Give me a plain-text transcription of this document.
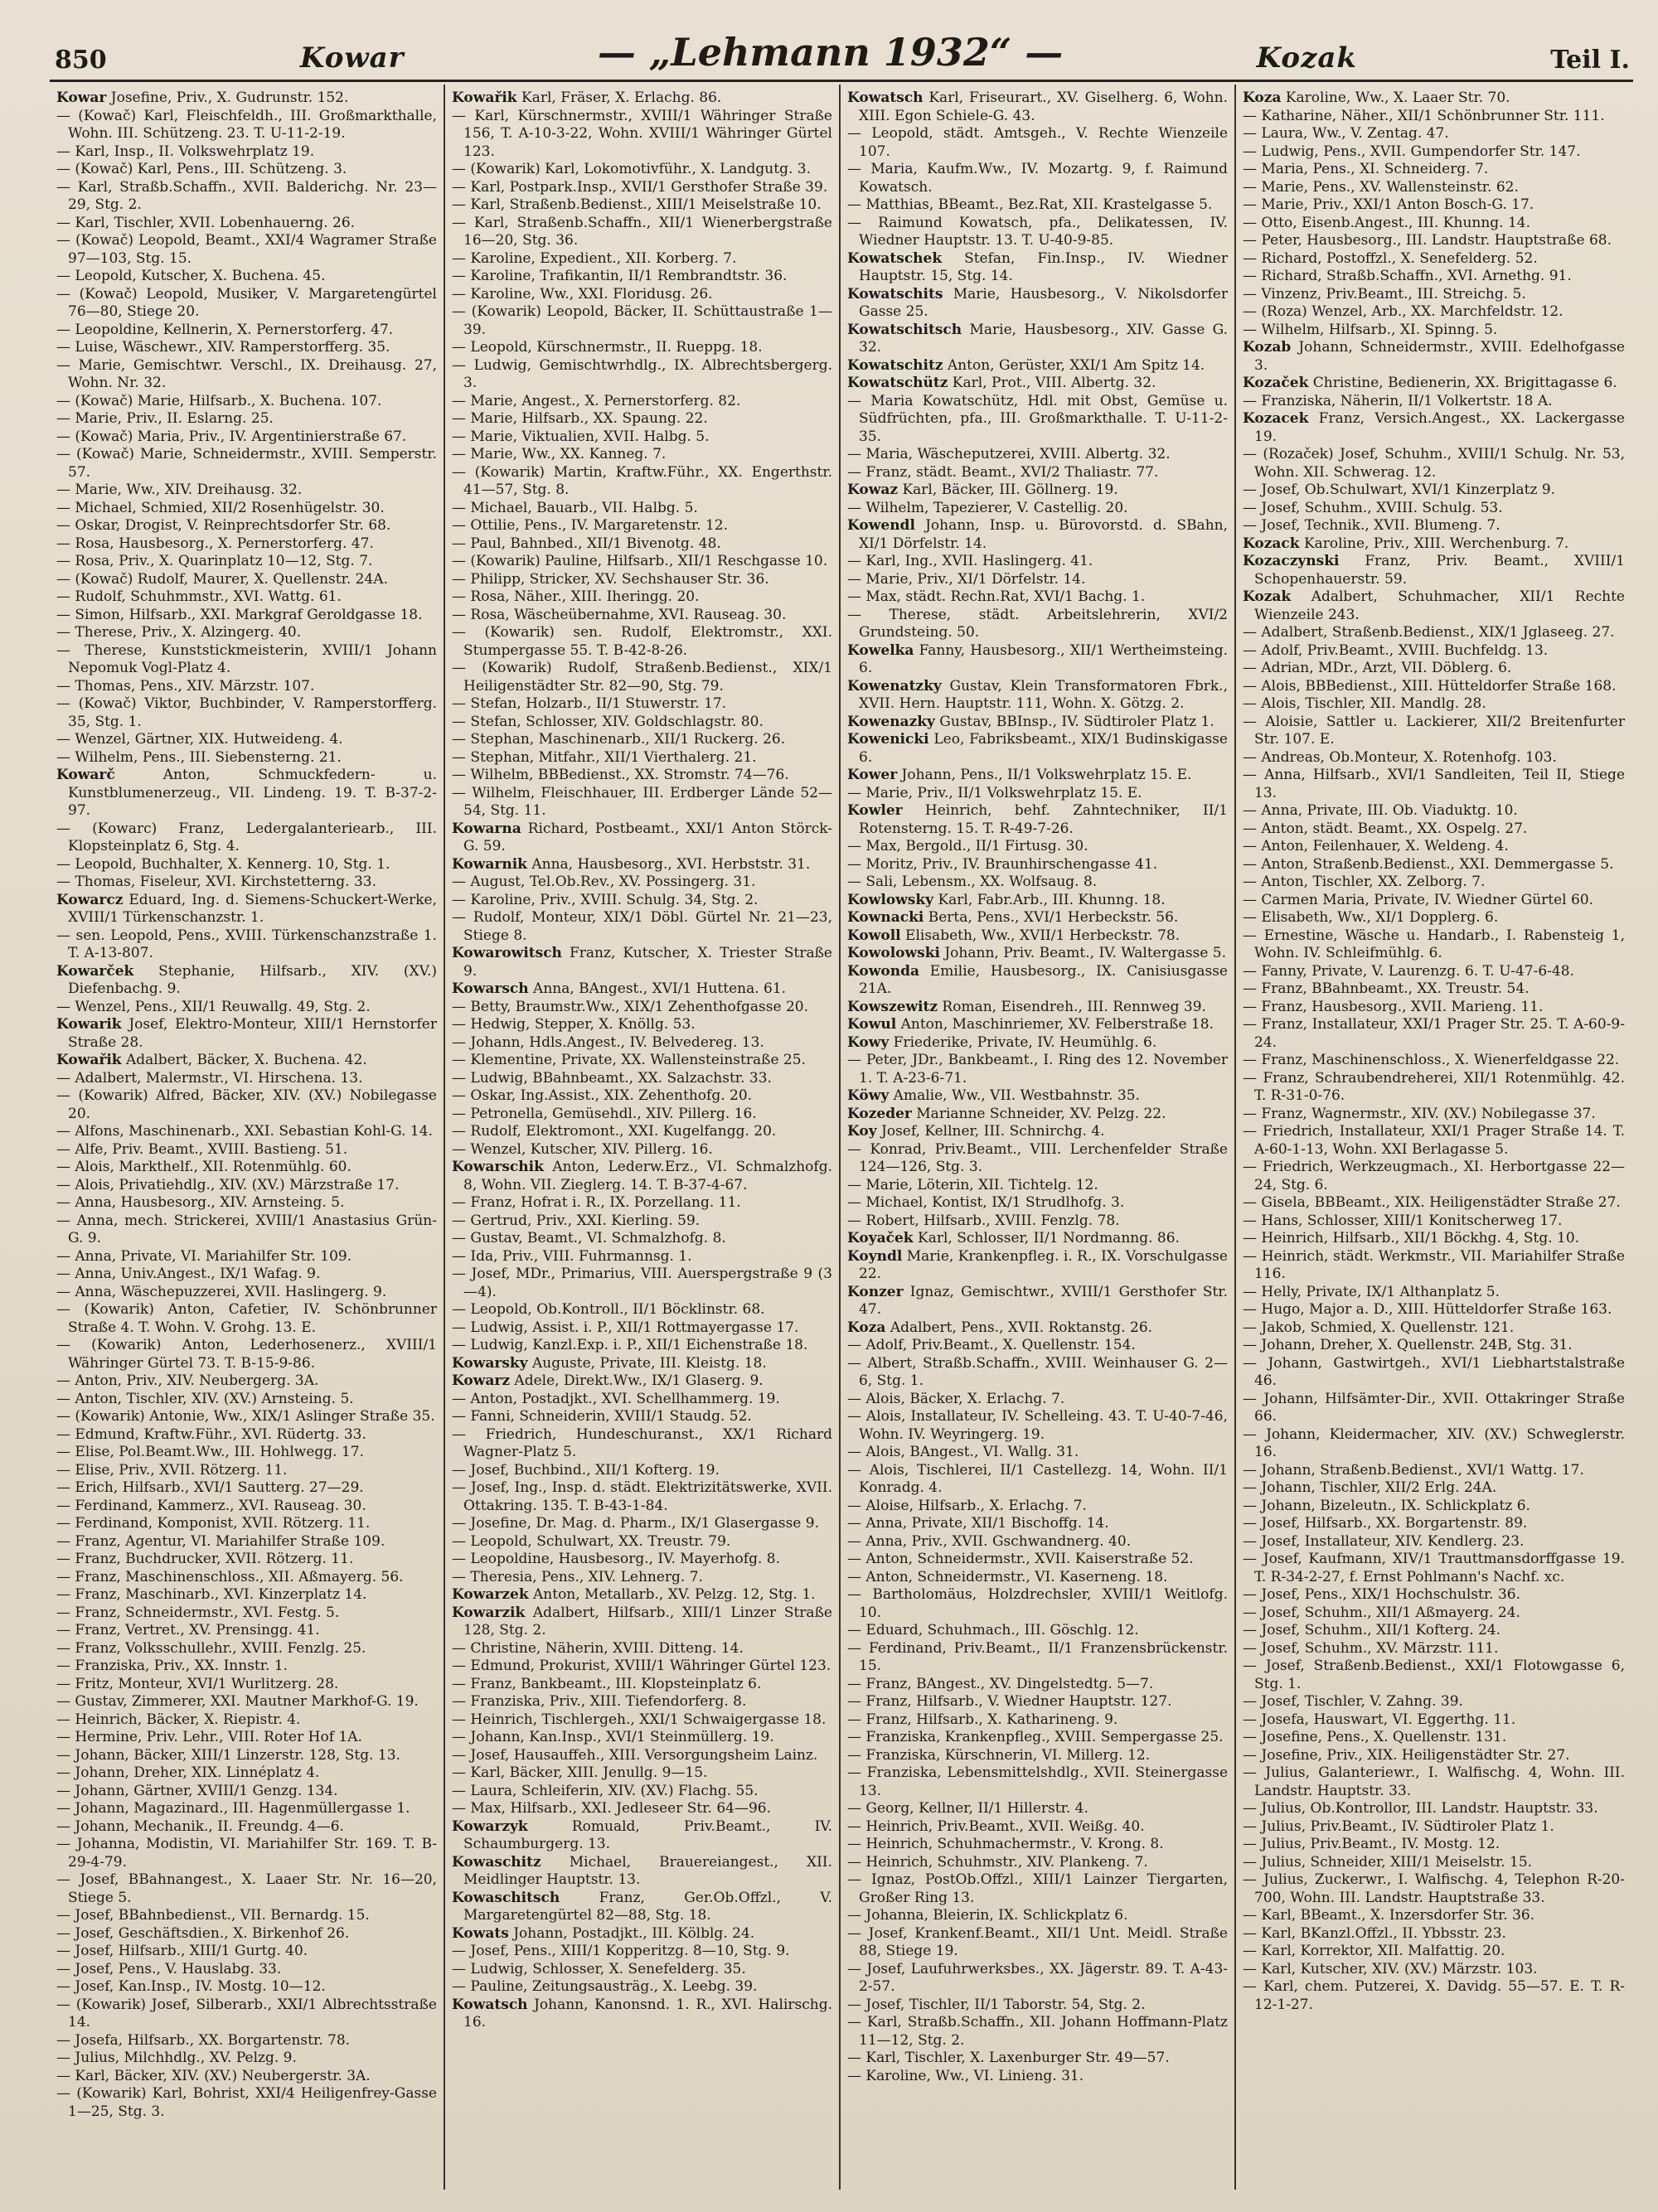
850	Kowar	— „Lehmann 1932“ —	Kozak	Teil I.

Kowar Josefine, Priv., X. Gudrunstr. 152.

— (Kowač) Karl, Fleischfeldh., III. Großmarkthalle, Wohn. III. Schützeng. 23. T. U-11-2-19.

— Karl, Insp., II. Volkswehrplatz 19.

— (Kowač) Karl, Pens., III. Schützeng. 3.

— Karl, Straßb.Schaffn., XVII. Balderichg. Nr. 23—29, Stg. 2.

— Karl, Tischler, XVII. Lobenhauerng. 26.

— (Kowač) Leopold, Beamt., XXI/4 Wagramer Straße 97—103, Stg. 15.

— Leopold, Kutscher, X. Buchena. 45.

— (Kowač) Leopold, Musiker, V. Margaretengürtel 76—80, Stiege 20.

— Leopoldine, Kellnerin, X. Pernerstorferg. 47.

— Luise, Wäschewr., XIV. Ramperstorfferg. 35.

— Marie, Gemischtwr. Verschl., IX. Dreihausg. 27, Wohn. Nr. 32.

— (Kowač) Marie, Hilfsarb., X. Buchena. 107.

— Marie, Priv., II. Eslarng. 25.

— (Kowač) Maria, Priv., IV. Argentinierstraße 67.

— (Kowač) Marie, Schneidermstr., XVIII. Semperstr. 57.

— Marie, Ww., XIV. Dreihausg. 32.

— Michael, Schmied, XII/2 Rosenhügelstr. 30.

— Oskar, Drogist, V. Reinprechtsdorfer Str. 68.

— Rosa, Hausbesorg., X. Pernerstorferg. 47.

— Rosa, Priv., X. Quarinplatz 10—12, Stg. 7.

— (Kowač) Rudolf, Maurer, X. Quellenstr. 24A.

— Rudolf, Schuhmmstr., XVI. Wattg. 61.

— Simon, Hilfsarb., XXI. Markgraf Geroldgasse 18.

— Therese, Priv., X. Alzingerg. 40.

— Therese, Kunststickmeisterin, XVIII/1 Johann Nepomuk Vogl-Platz 4.

— Thomas, Pens., XIV. Märzstr. 107.

— (Kowač) Viktor, Buchbinder, V. Ramperstorfferg. 35, Stg. 1.

— Wenzel, Gärtner, XIX. Hutweideng. 4.

— Wilhelm, Pens., III. Siebensterng. 21.

Kowarč Anton, Schmuckfedern- u. Kunstblumenerzeug., VII. Lindeng. 19. T. B-37-2-97.

— (Kowarc) Franz, Ledergalanteriearb., III. Klopsteinplatz 6, Stg. 4.

— Leopold, Buchhalter, X. Kennerg. 10, Stg. 1.

— Thomas, Fiseleur, XVI. Kirchstetterng. 33.

Kowarcz Eduard, Ing. d. Siemens-Schuckert-Werke, XVIII/1 Türkenschanzstr. 1.

— sen. Leopold, Pens., XVIII. Türkenschanzstraße 1. T. A-13-807.

Kowarček Stephanie, Hilfsarb., XIV. (XV.) Diefenbachg. 9.

— Wenzel, Pens., XII/1 Reuwallg. 49, Stg. 2.

Kowarik Josef, Elektro-Monteur, XIII/1 Hernstorfer Straße 28.

Kowařik Adalbert, Bäcker, X. Buchena. 42.

— Adalbert, Malermstr., VI. Hirschena. 13.

— (Kowarik) Alfred, Bäcker, XIV. (XV.) Nobilegasse 20.

— Alfons, Maschinenarb., XXI. Sebastian Kohl-G. 14.

— Alfe, Priv. Beamt., XVIII. Bastieng. 51.

— Alois, Markthelf., XII. Rotenmühlg. 60.

— Alois, Privatiehdlg., XIV. (XV.) Märzstraße 17.

— Anna, Hausbesorg., XIV. Arnsteing. 5.

— Anna, mech. Strickerei, XVIII/1 Anastasius Grün-G. 9.

— Anna, Private, VI. Mariahilfer Str. 109.

— Anna, Univ.Angest., IX/1 Wafag. 9.

— Anna, Wäschepuzzerei, XVII. Haslingerg. 9.

— (Kowarik) Anton, Cafetier, IV. Schönbrunner Straße 4. T. Wohn. V. Grohg. 13. E.

— (Kowarik) Anton, Lederhosenerz., XVIII/1 Währinger Gürtel 73. T. B-15-9-86.

— Anton, Priv., XIV. Neubergerg. 3A.

— Anton, Tischler, XIV. (XV.) Arnsteing. 5.

— (Kowarik) Antonie, Ww., XIX/1 Aslinger Straße 35.

— Edmund, Kraftw.Führ., XVI. Rüdertg. 33.

— Elise, Pol.Beamt.Ww., III. Hohlwegg. 17.

— Elise, Priv., XVII. Rötzerg. 11.

— Erich, Hilfsarb., XVI/1 Sautterg. 27—29.

— Ferdinand, Kammerz., XVI. Rauseag. 30.

— Ferdinand, Komponist, XVII. Rötzerg. 11.

— Franz, Agentur, VI. Mariahilfer Straße 109.

— Franz, Buchdrucker, XVII. Rötzerg. 11.

— Franz, Maschinenschloss., XII. Aßmayerg. 56.

— Franz, Maschinarb., XVI. Kinzerplatz 14.

— Franz, Schneidermstr., XVI. Festg. 5.

— Franz, Vertret., XV. Prensingg. 41.

— Franz, Volksschullehr., XVIII. Fenzlg. 25.

— Franziska, Priv., XX. Innstr. 1.

— Fritz, Monteur, XVI/1 Wurlitzerg. 28.

— Gustav, Zimmerer, XXI. Mautner Markhof-G. 19.

— Heinrich, Bäcker, X. Riepistr. 4.

— Hermine, Priv. Lehr., VIII. Roter Hof 1A.

— Johann, Bäcker, XIII/1 Linzerstr. 128, Stg. 13.

— Johann, Dreher, XIX. Linnéplatz 4.

— Johann, Gärtner, XVIII/1 Genzg. 134.

— Johann, Magazinard., III. Hagenmüllergasse 1.

— Johann, Mechanik., II. Freundg. 4—6.

— Johanna, Modistin, VI. Mariahilfer Str. 169. T. B-29-4-79.

— Josef, BBahnangest., X. Laaer Str. Nr. 16—20, Stiege 5.

— Josef, BBahnbedienst., VII. Bernardg. 15.

— Josef, Geschäftsdien., X. Birkenhof 26.

— Josef, Hilfsarb., XIII/1 Gurtg. 40.

— Josef, Pens., V. Hauslabg. 33.

— Josef, Kan.Insp., IV. Mostg. 10—12.

— (Kowarik) Josef, Silberarb., XXI/1 Albrechtsstraße 14.

— Josefa, Hilfsarb., XX. Borgartenstr. 78.

— Julius, Milchhdlg., XV. Pelzg. 9.

— Karl, Bäcker, XIV. (XV.) Neubergerstr. 3A.

— (Kowarik) Karl, Bohrist, XXI/4 Heiligenfrey-Gasse 1—25, Stg. 3.

Kowařik Karl, Fräser, X. Erlachg. 86.

— Karl, Kürschnermstr., XVIII/1 Währinger Straße 156, T. A-10-3-22, Wohn. XVIII/1 Währinger Gürtel 123.

— (Kowarik) Karl, Lokomotivführ., X. Landgutg. 3.

— Karl, Postpark.Insp., XVII/1 Gersthofer Straße 39.

— Karl, Straßenb.Bedienst., XIII/1 Meiselstraße 10.

— Karl, Straßenb.Schaffn., XII/1 Wienerbergstraße 16—20, Stg. 36.

— Karoline, Expedient., XII. Korberg. 7.

— Karoline, Trafikantin, II/1 Rembrandtstr. 36.

— Karoline, Ww., XXI. Floridusg. 26.

— (Kowarik) Leopold, Bäcker, II. Schüttaustraße 1—39.

— Leopold, Kürschnermstr., II. Rueppg. 18.

— Ludwig, Gemischtwrhdlg., IX. Albrechtsbergerg. 3.

— Marie, Angest., X. Pernerstorferg. 82.

— Marie, Hilfsarb., XX. Spaung. 22.

— Marie, Viktualien, XVII. Halbg. 5.

— Marie, Ww., XX. Kanneg. 7.

— (Kowarik) Martin, Kraftw.Führ., XX. Engerthstr. 41—57, Stg. 8.

— Michael, Bauarb., VII. Halbg. 5.

— Ottilie, Pens., IV. Margaretenstr. 12.

— Paul, Bahnbed., XII/1 Bivenotg. 48.

— (Kowarik) Pauline, Hilfsarb., XII/1 Reschgasse 10.

— Philipp, Stricker, XV. Sechshauser Str. 36.

— Rosa, Näher., XIII. Iheringg. 20.

— Rosa, Wäscheübernahme, XVI. Rauseag. 30.

— (Kowarik) sen. Rudolf, Elektromstr., XXI. Stumpergasse 55. T. B-42-8-26.

— (Kowarik) Rudolf, Straßenb.Bedienst., XIX/1 Heiligenstädter Str. 82—90, Stg. 79.

— Stefan, Holzarb., II/1 Stuwerstr. 17.

— Stefan, Schlosser, XIV. Goldschlagstr. 80.

— Stephan, Maschinenarb., XII/1 Ruckerg. 26.

— Stephan, Mitfahr., XII/1 Vierthalerg. 21.

— Wilhelm, BBBedienst., XX. Stromstr. 74—76.

— Wilhelm, Fleischhauer, III. Erdberger Lände 52—54, Stg. 11.

Kowarna Richard, Postbeamt., XXI/1 Anton Störck-G. 59.

Kowarnik Anna, Hausbesorg., XVI. Herbststr. 31.

— August, Tel.Ob.Rev., XV. Possingerg. 31.

— Karoline, Priv., XVIII. Schulg. 34, Stg. 2.

— Rudolf, Monteur, XIX/1 Döbl. Gürtel Nr. 21—23, Stiege 8.

Kowarowitsch Franz, Kutscher, X. Triester Straße 9.

Kowarsch Anna, BAngest., XVI/1 Huttena. 61.

— Betty, Braumstr.Ww., XIX/1 Zehenthofgasse 20.

— Hedwig, Stepper, X. Knöllg. 53.

— Johann, Hdls.Angest., IV. Belvedereg. 13.

— Klementine, Private, XX. Wallensteinstraße 25.

— Ludwig, BBahnbeamt., XX. Salzachstr. 33.

— Oskar, Ing.Assist., XIX. Zehenthofg. 20.

— Petronella, Gemüsehdl., XIV. Pillerg. 16.

— Rudolf, Elektromont., XXI. Kugelfangg. 20.

— Wenzel, Kutscher, XIV. Pillerg. 16.

Kowarschik Anton, Lederw.Erz., VI. Schmalzhofg. 8, Wohn. VII. Zieglerg. 14. T. B-37-4-67.

— Franz, Hofrat i. R., IX. Porzellang. 11.

— Gertrud, Priv., XXI. Kierling. 59.

— Gustav, Beamt., VI. Schmalzhofg. 8.

— Ida, Priv., VIII. Fuhrmannsg. 1.

— Josef, MDr., Primarius, VIII. Auerspergstraße 9 (3—4).

— Leopold, Ob.Kontroll., II/1 Böcklinstr. 68.

— Ludwig, Assist. i. P., XII/1 Rottmayergasse 17.

— Ludwig, Kanzl.Exp. i. P., XII/1 Eichenstraße 18.

Kowarsky Auguste, Private, III. Kleistg. 18.

Kowarz Adele, Direkt.Ww., IX/1 Glaserg. 9.

— Anton, Postadjkt., XVI. Schellhammerg. 19.

— Fanni, Schneiderin, XVIII/1 Staudg. 52.

— Friedrich, Hundeschuranst., XX/1 Richard Wagner-Platz 5.

— Josef, Buchbind., XII/1 Kofterg. 19.

— Josef, Ing., Insp. d. städt. Elektrizitätswerke, XVII. Ottakring. 135. T. B-43-1-84.

— Josefine, Dr. Mag. d. Pharm., IX/1 Glasergasse 9.

— Leopold, Schulwart, XX. Treustr. 79.

— Leopoldine, Hausbesorg., IV. Mayerhofg. 8.

— Theresia, Pens., XIV. Lehnerg. 7.

Kowarzek Anton, Metallarb., XV. Pelzg. 12, Stg. 1.

Kowarzik Adalbert, Hilfsarb., XIII/1 Linzer Straße 128, Stg. 2.

— Christine, Näherin, XVIII. Ditteng. 14.

— Edmund, Prokurist, XVIII/1 Währinger Gürtel 123.

— Franz, Bankbeamt., III. Klopsteinplatz 6.

— Franziska, Priv., XIII. Tiefendorferg. 8.

— Heinrich, Tischlergeh., XXI/1 Schwaigergasse 18.

— Johann, Kan.Insp., XVI/1 Steinmüllerg. 19.

— Josef, Hausauffeh., XIII. Versorgungsheim Lainz.

— Karl, Bäcker, XIII. Jenullg. 9—15.

— Laura, Schleiferin, XIV. (XV.) Flachg. 55.

— Max, Hilfsarb., XXI. Jedleseer Str. 64—96.

Kowarzyk Romuald, Priv.Beamt., IV. Schaumburgerg. 13.

Kowaschitz Michael, Brauereiangest., XII. Meidlinger Hauptstr. 13.

Kowaschitsch Franz, Ger.Ob.Offzl., V. Margaretengürtel 82—88, Stg. 18.

Kowats Johann, Postadjkt., III. Kölblg. 24.

— Josef, Pens., XIII/1 Kopperitzg. 8—10, Stg. 9.

— Ludwig, Schlosser, X. Senefelderg. 35.

— Pauline, Zeitungsausträg., X. Leebg. 39.

Kowatsch Johann, Kanonsnd. 1. R., XVI. Halirschg. 16.

Kowatsch Karl, Friseurart., XV. Giselherg. 6, Wohn. XIII. Egon Schiele-G. 43.

— Leopold, städt. Amtsgeh., V. Rechte Wienzeile 107.

— Maria, Kaufm.Ww., IV. Mozartg. 9, f. Raimund Kowatsch.

— Matthias, BBeamt., Bez.Rat, XII. Krastelgasse 5.

— Raimund Kowatsch, pfa., Delikatessen, IV. Wiedner Hauptstr. 13. T. U-40-9-85.

Kowatschek Stefan, Fin.Insp., IV. Wiedner Hauptstr. 15, Stg. 14.

Kowatschits Marie, Hausbesorg., V. Nikolsdorfer Gasse 25.

Kowatschitsch Marie, Hausbesorg., XIV. Gasse G. 32.

Kowatschitz Anton, Gerüster, XXI/1 Am Spitz 14.

Kowatschütz Karl, Prot., VIII. Albertg. 32.

— Maria Kowatschütz, Hdl. mit Obst, Gemüse u. Südfrüchten, pfa., III. Großmarkthalle. T. U-11-2-35.

— Maria, Wäscheputzerei, XVIII. Albertg. 32.

— Franz, städt. Beamt., XVI/2 Thaliastr. 77.

Kowaz Karl, Bäcker, III. Göllnerg. 19.

— Wilhelm, Tapezierer, V. Castellig. 20.

Kowendl Johann, Insp. u. Bürovorstd. d. SBahn, XI/1 Dörfelstr. 14.

— Karl, Ing., XVII. Haslingerg. 41.

— Marie, Priv., XI/1 Dörfelstr. 14.

— Max, städt. Rechn.Rat, XVI/1 Bachg. 1.

— Therese, städt. Arbeitslehrerin, XVI/2 Grundsteing. 50.

Kowelka Fanny, Hausbesorg., XII/1 Wertheimsteing. 6.

Kowenatzky Gustav, Klein Transformatoren Fbrk., XVII. Hern. Hauptstr. 111, Wohn. X. Götzg. 2.

Kowenazky Gustav, BBInsp., IV. Südtiroler Platz 1.

Kowenicki Leo, Fabriksbeamt., XIX/1 Budinskigasse 6.

Kower Johann, Pens., II/1 Volkswehrplatz 15. E.

— Marie, Priv., II/1 Volkswehrplatz 15. E.

Kowler Heinrich, behf. Zahntechniker, II/1 Rotensterng. 15. T. R-49-7-26.

— Max, Bergold., II/1 Firtusg. 30.

— Moritz, Priv., IV. Braunhirschengasse 41.

— Sali, Lebensm., XX. Wolfsaug. 8.

Kowlowsky Karl, Fabr.Arb., III. Khunng. 18.

Kownacki Berta, Pens., XVI/1 Herbeckstr. 56.

Kowoll Elisabeth, Ww., XVII/1 Herbeckstr. 78.

Kowolowski Johann, Priv. Beamt., IV. Waltergasse 5.

Kowonda Emilie, Hausbesorg., IX. Canisiusgasse 21A.

Kowszewitz Roman, Eisendreh., III. Rennweg 39.

Kowul Anton, Maschinriemer, XV. Felberstraße 18.

Kowy Friederike, Private, IV. Heumühlg. 6.

— Peter, JDr., Bankbeamt., I. Ring des 12. November 1. T. A-23-6-71.

Köwy Amalie, Ww., VII. Westbahnstr. 35.

Kozeder Marianne Schneider, XV. Pelzg. 22.

Koy Josef, Kellner, III. Schnirchg. 4.

— Konrad, Priv.Beamt., VIII. Lerchenfelder Straße 124—126, Stg. 3.

— Marie, Löterin, XII. Tichtelg. 12.

— Michael, Kontist, IX/1 Strudlhofg. 3.

— Robert, Hilfsarb., XVIII. Fenzlg. 78.

Koyaček Karl, Schlosser, II/1 Nordmanng. 86.

Koyndl Marie, Krankenpfleg. i. R., IX. Vorschulgasse 22.

Konzer Ignaz, Gemischtwr., XVIII/1 Gersthofer Str. 47.

Koza Adalbert, Pens., XVII. Roktanstg. 26.

— Adolf, Priv.Beamt., X. Quellenstr. 154.

— Albert, Straßb.Schaffn., XVIII. Weinhauser G. 2—6, Stg. 1.

— Alois, Bäcker, X. Erlachg. 7.

— Alois, Installateur, IV. Schelleing. 43. T. U-40-7-46, Wohn. IV. Weyringerg. 19.

— Alois, BAngest., VI. Wallg. 31.

— Alois, Tischlerei, II/1 Castellezg. 14, Wohn. II/1 Konradg. 4.

— Aloise, Hilfsarb., X. Erlachg. 7.

— Anna, Private, XII/1 Bischoffg. 14.

— Anna, Priv., XVII. Gschwandnerg. 40.

— Anton, Schneidermstr., XVII. Kaiserstraße 52.

— Anton, Schneidermstr., VI. Kaserneng. 18.

— Bartholomäus, Holzdrechsler, XVIII/1 Weitlofg. 10.

— Eduard, Schuhmach., III. Göschlg. 12.

— Ferdinand, Priv.Beamt., II/1 Franzensbrückenstr. 15.

— Franz, BAngest., XV. Dingelstedtg. 5—7.

— Franz, Hilfsarb., V. Wiedner Hauptstr. 127.

— Franz, Hilfsarb., X. Katharineng. 9.

— Franziska, Krankenpfleg., XVIII. Sempergasse 25.

— Franziska, Kürschnerin, VI. Millerg. 12.

— Franziska, Lebensmittelshdlg., XVII. Steinergasse 13.

— Georg, Kellner, II/1 Hillerstr. 4.

— Heinrich, Priv.Beamt., XVII. Weißg. 40.

— Heinrich, Schuhmachermstr., V. Krong. 8.

— Heinrich, Schuhmstr., XIV. Plankeng. 7.

— Ignaz, PostOb.Offzl., XIII/1 Lainzer Tiergarten, Großer Ring 13.

— Johanna, Bleierin, IX. Schlickplatz 6.

— Josef, Krankenf.Beamt., XII/1 Unt. Meidl. Straße 88, Stiege 19.

— Josef, Laufuhrwerksbes., XX. Jägerstr. 89. T. A-43-2-57.

— Josef, Tischler, II/1 Taborstr. 54, Stg. 2.

— Karl, Straßb.Schaffn., XII. Johann Hoffmann-Platz 11—12, Stg. 2.

— Karl, Tischler, X. Laxenburger Str. 49—57.

— Karoline, Ww., VI. Linieng. 31.

Koza Karoline, Ww., X. Laaer Str. 70.

— Katharine, Näher., XII/1 Schönbrunner Str. 111.

— Laura, Ww., V. Zentag. 47.

— Ludwig, Pens., XVII. Gumpendorfer Str. 147.

— Maria, Pens., XI. Schneiderg. 7.

— Marie, Pens., XV. Wallensteinstr. 62.

— Marie, Priv., XXI/1 Anton Bosch-G. 17.

— Otto, Eisenb.Angest., III. Khunng. 14.

— Peter, Hausbesorg., III. Landstr. Hauptstraße 68.

— Richard, Postoffzl., X. Senefelderg. 52.

— Richard, Straßb.Schaffn., XVI. Arnethg. 91.

— Vinzenz, Priv.Beamt., III. Streichg. 5.

— (Roza) Wenzel, Arb., XX. Marchfeldstr. 12.

— Wilhelm, Hilfsarb., XI. Spinng. 5.

Kozab Johann, Schneidermstr., XVIII. Edelhofgasse 3.

Kozaček Christine, Bedienerin, XX. Brigittagasse 6.

— Franziska, Näherin, II/1 Volkertstr. 18 A.

Kozacek Franz, Versich.Angest., XX. Lackergasse 19.

— (Rozaček) Josef, Schuhm., XVIII/1 Schulg. Nr. 53, Wohn. XII. Schwerag. 12.

— Josef, Ob.Schulwart, XVI/1 Kinzerplatz 9.

— Josef, Schuhm., XVIII. Schulg. 53.

— Josef, Technik., XVII. Blumeng. 7.

Kozack Karoline, Priv., XIII. Werchenburg. 7.

Kozaczynski Franz, Priv. Beamt., XVIII/1 Schopenhauerstr. 59.

Kozak Adalbert, Schuhmacher, XII/1 Rechte Wienzeile 243.

— Adalbert, Straßenb.Bedienst., XIX/1 Jglaseeg. 27.

— Adolf, Priv.Beamt., XVIII. Buchfeldg. 13.

— Adrian, MDr., Arzt, VII. Döblerg. 6.

— Alois, BBBedienst., XIII. Hütteldorfer Straße 168.

— Alois, Tischler, XII. Mandlg. 28.

— Aloisie, Sattler u. Lackierer, XII/2 Breitenfurter Str. 107. E.

— Andreas, Ob.Monteur, X. Rotenhofg. 103.

— Anna, Hilfsarb., XVI/1 Sandleiten, Teil II, Stiege 13.

— Anna, Private, III. Ob. Viaduktg. 10.

— Anton, städt. Beamt., XX. Ospelg. 27.

— Anton, Feilenhauer, X. Weldeng. 4.

— Anton, Straßenb.Bedienst., XXI. Demmergasse 5.

— Anton, Tischler, XX. Zelborg. 7.

— Carmen Maria, Private, IV. Wiedner Gürtel 60.

— Elisabeth, Ww., XI/1 Dopplerg. 6.

— Ernestine, Wäsche u. Handarb., I. Rabensteig 1, Wohn. IV. Schleifmühlg. 6.

— Fanny, Private, V. Laurenzg. 6. T. U-47-6-48.

— Franz, BBahnbeamt., XX. Treustr. 54.

— Franz, Hausbesorg., XVII. Marieng. 11.

— Franz, Installateur, XXI/1 Prager Str. 25. T. A-60-9-24.

— Franz, Maschinenschloss., X. Wienerfeldgasse 22.

— Franz, Schraubendreherei, XII/1 Rotenmühlg. 42. T. R-31-0-76.

— Franz, Wagnermstr., XIV. (XV.) Nobilegasse 37.

— Friedrich, Installateur, XXI/1 Prager Straße 14. T. A-60-1-13, Wohn. XXI Berlagasse 5.

— Friedrich, Werkzeugmach., XI. Herbortgasse 22—24, Stg. 6.

— Gisela, BBBeamt., XIX. Heiligenstädter Straße 27.

— Hans, Schlosser, XIII/1 Konitscherweg 17.

— Heinrich, Hilfsarb., XII/1 Böckhg. 4, Stg. 10.

— Heinrich, städt. Werkmstr., VII. Mariahilfer Straße 116.

— Helly, Private, IX/1 Althanplatz 5.

— Hugo, Major a. D., XIII. Hütteldorfer Straße 163.

— Jakob, Schmied, X. Quellenstr. 121.

— Johann, Dreher, X. Quellenstr. 24B, Stg. 31.

— Johann, Gastwirtgeh., XVI/1 Liebhartstalstraße 46.

— Johann, Hilfsämter-Dir., XVII. Ottakringer Straße 66.

— Johann, Kleidermacher, XIV. (XV.) Schweglerstr. 16.

— Johann, Straßenb.Bedienst., XVI/1 Wattg. 17.

— Johann, Tischler, XII/2 Erlg. 24A.

— Johann, Bizeleutn., IX. Schlickplatz 6.

— Josef, Hilfsarb., XX. Borgartenstr. 89.

— Josef, Installateur, XIV. Kendlerg. 23.

— Josef, Kaufmann, XIV/1 Trauttmansdorffgasse 19. T. R-34-2-27, f. Ernst Pohlmann's Nachf. xc.

— Josef, Pens., XIX/1 Hochschulstr. 36.

— Josef, Schuhm., XII/1 Aßmayerg. 24.

— Josef, Schuhm., XII/1 Kofterg. 24.

— Josef, Schuhm., XV. Märzstr. 111.

— Josef, Straßenb.Bedienst., XXI/1 Flotowgasse 6, Stg. 1.

— Josef, Tischler, V. Zahng. 39.

— Josefa, Hauswart, VI. Eggerthg. 11.

— Josefine, Pens., X. Quellenstr. 131.

— Josefine, Priv., XIX. Heiligenstädter Str. 27.

— Julius, Galanteriewr., I. Walfischg. 4, Wohn. III. Landstr. Hauptstr. 33.

— Julius, Ob.Kontrollor, III. Landstr. Hauptstr. 33.

— Julius, Priv.Beamt., IV. Südtiroler Platz 1.

— Julius, Priv.Beamt., IV. Mostg. 12.

— Julius, Schneider, XIII/1 Meiselstr. 15.

— Julius, Zuckerwr., I. Walfischg. 4, Telephon R-20-700, Wohn. III. Landstr. Hauptstraße 33.

— Karl, BBeamt., X. Inzersdorfer Str. 36.

— Karl, BKanzl.Offzl., II. Ybbsstr. 23.

— Karl, Korrektor, XII. Malfattig. 20.

— Karl, Kutscher, XIV. (XV.) Märzstr. 103.

— Karl, chem. Putzerei, X. Davidg. 55—57. E. T. R-12-1-27.
